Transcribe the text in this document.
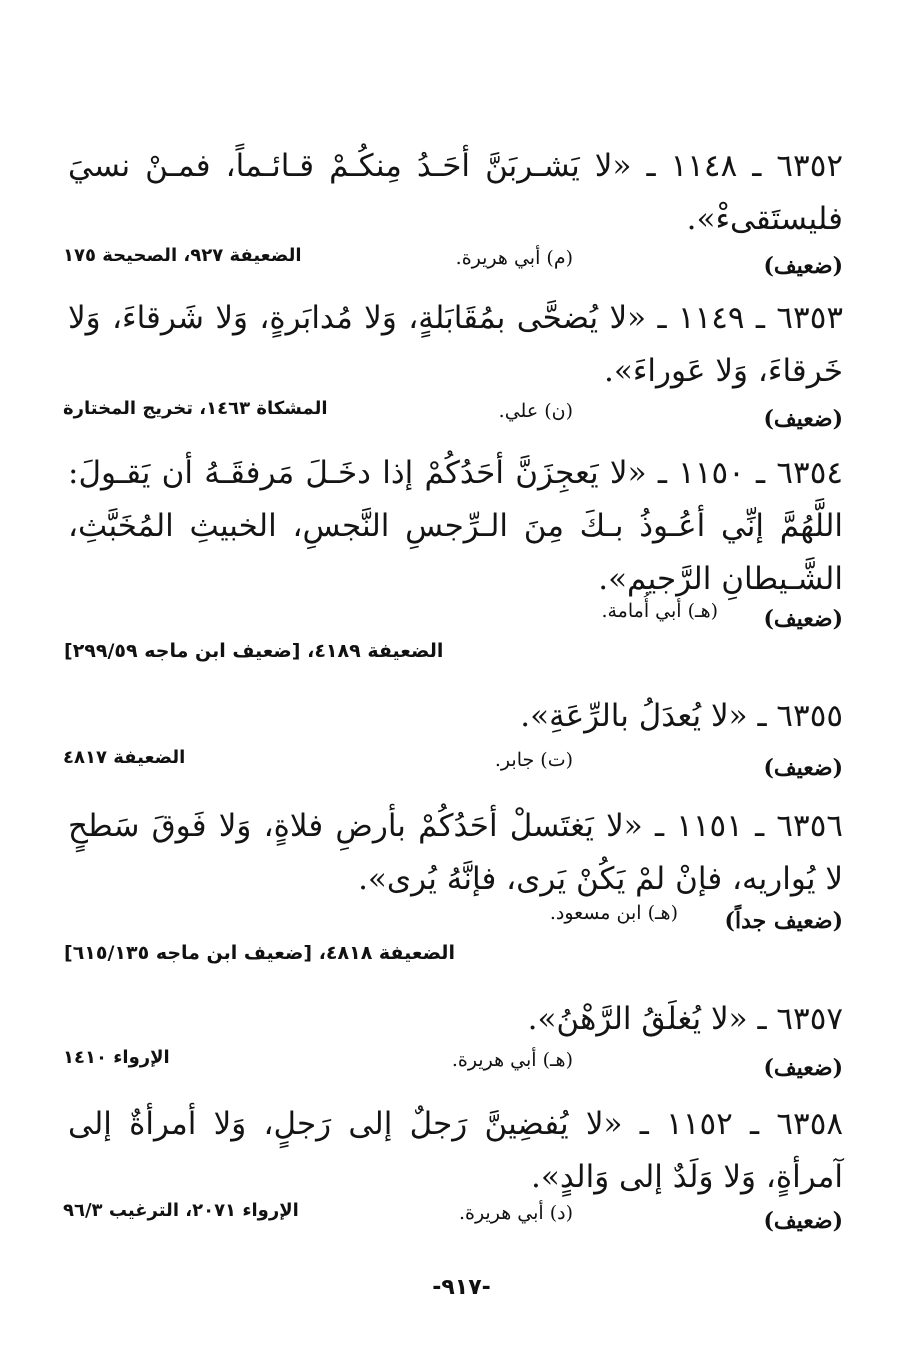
٦٣٥٢ ـ ١١٤٨ ـ «لا يَشـربَنَّ أحَـدُ مِنكُـمْ قـائـماً، فمـنْ نسيَ فليستَقىءْ».
(ضعيف)
(م) أبي هريرة.
الضعيفة ٩٢٧، الصحيحة ١٧٥
٦٣٥٣ ـ ١١٤٩ ـ «لا يُضحَّى بمُقَابَلةٍ، وَلا مُدابَرةٍ، وَلا شَرقاءَ، وَلا خَرقاءَ، وَلا عَوراءَ».
(ضعيف)
(ن) علي.
المشكاة ١٤٦٣، تخريج المختارة
٦٣٥٤ ـ ١١٥٠ ـ «لا يَعجِزَنَّ أحَدُكُمْ إذا دخَـلَ مَرفقَـهُ أن يَقـولَ: اللَّهُمَّ إنِّي أعُـوذُ بـكَ مِنَ الـرِّجسِ النَّجسِ، الخبيثِ المُخَبَّثِ، الشَّـيطانِ الرَّجيم».
(ضعيف)
(هـ) أبي أُمامة.
الضعيفة ٤١٨٩، [ضعيف ابن ماجه ٢٩٩/٥٩]
٦٣٥٥ ـ «لا يُعدَلُ بالرِّعَةِ».
(ضعيف)
(ت) جابر.
الضعيفة ٤٨١٧
٦٣٥٦ ـ ١١٥١ ـ «لا يَغتَسلْ أحَدُكُمْ بأرضِ فلاةٍ، وَلا فَوقَ سَطحٍ لا يُواريه، فإنْ لمْ يَكُنْ يَرى، فإنَّهُ يُرى».
(ضعيف جداً)
(هـ) ابن مسعود.
الضعيفة ٤٨١٨، [ضعيف ابن ماجه ٦١٥/١٣٥]
٦٣٥٧ ـ «لا يُغلَقُ الرَّهْنُ».
(ضعيف)
(هـ) أبي هريرة.
الإرواء ١٤١٠
٦٣٥٨ ـ ١١٥٢ ـ «لا يُفضِينَّ رَجلٌ إلى رَجلٍ، وَلا أمرأةٌ إلى آمرأةٍ، وَلا وَلَدٌ إلى وَالدٍ».
(ضعيف)
(د) أبي هريرة.
الإرواء ٢٠٧١، الترغيب ٩٦/٣
-٩١٧-
